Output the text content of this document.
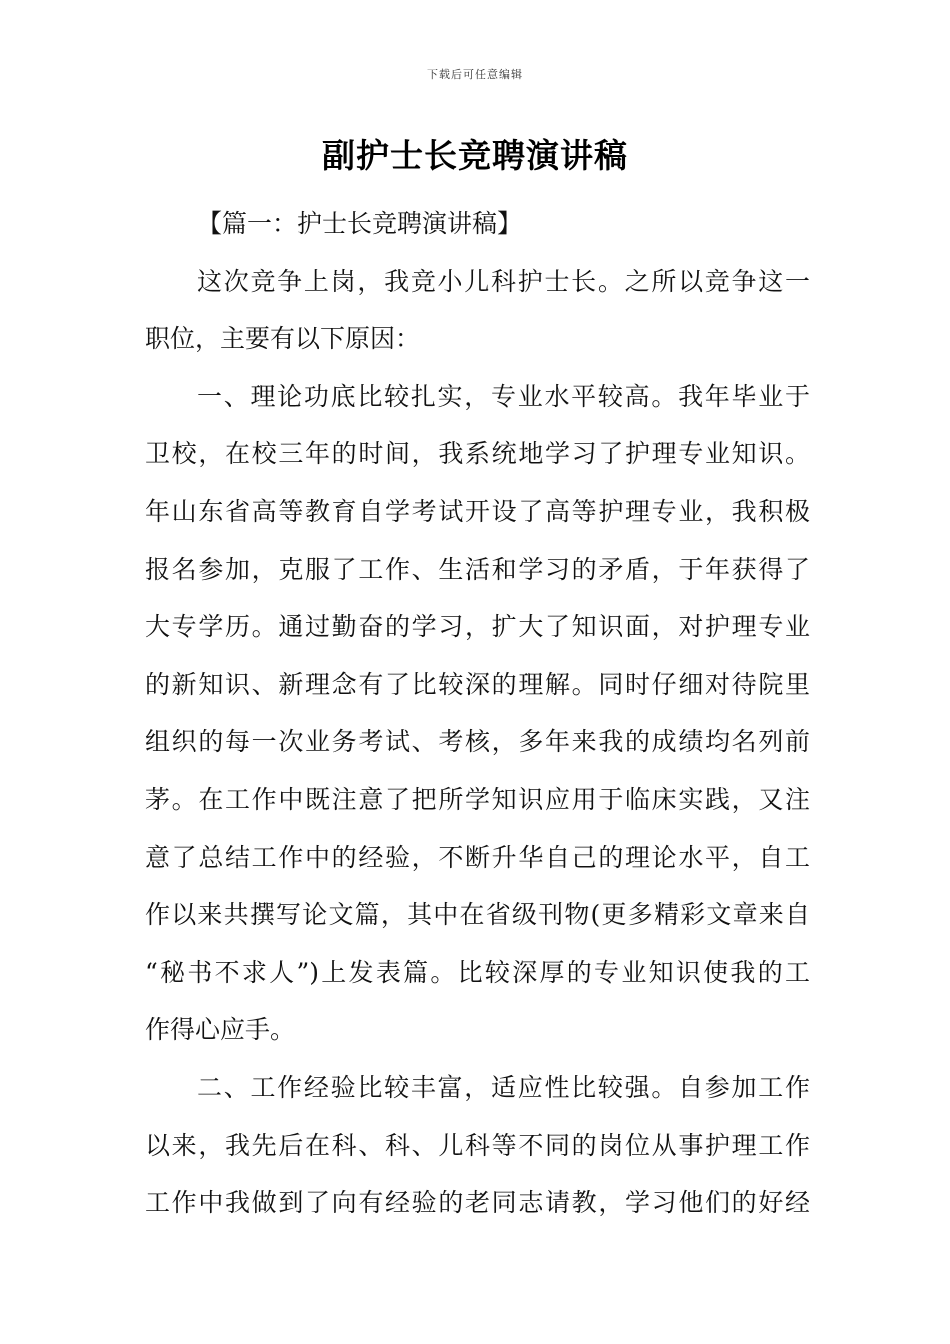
下载后可任意编辑
副护士长竞聘演讲稿
【篇一：护士长竞聘演讲稿】
这次竞争上岗，我竞小儿科护士长。之所以竞争这一
职位，主要有以下原因：
一、理论功底比较扎实，专业水平较高。我年毕业于
卫校，在校三年的时间，我系统地学习了护理专业知识。
年山东省高等教育自学考试开设了高等护理专业，我积极
报名参加，克服了工作、生活和学习的矛盾，于年获得了
大专学历。通过勤奋的学习，扩大了知识面，对护理专业
的新知识、新理念有了比较深的理解。同时仔细对待院里
组织的每一次业务考试、考核，多年来我的成绩均名列前
茅。在工作中既注意了把所学知识应用于临床实践，又注
意了总结工作中的经验，不断升华自己的理论水平，自工
作以来共撰写论文篇，其中在省级刊物(更多精彩文章来自
“秘书不求人”)上发表篇。比较深厚的专业知识使我的工
作得心应手。
二、工作经验比较丰富，适应性比较强。自参加工作
以来，我先后在科、科、儿科等不同的岗位从事护理工作
工作中我做到了向有经验的老同志请教，学习他们的好经
